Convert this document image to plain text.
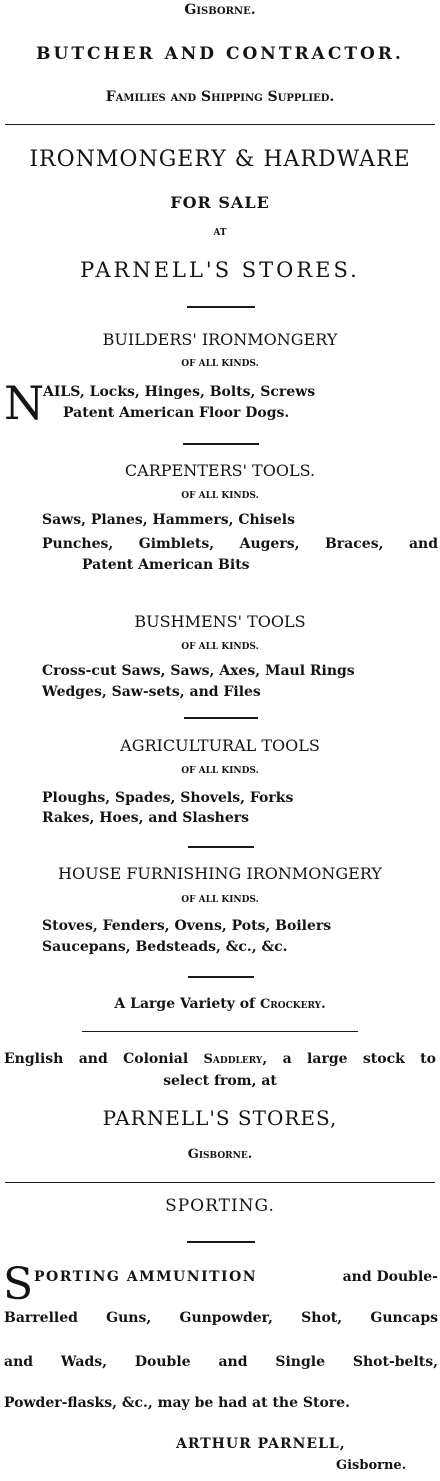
Gisborne.
BUTCHER AND CONTRACTOR.
Families and Shipping Supplied.
IRONMONGERY & HARDWARE
FOR SALE
AT
PARNELL'S STORES.
BUILDERS' IRONMONGERY
OF ALL KINDS.
N
AILS, Locks, Hinges, Bolts, Screws
Patent American Floor Dogs.
CARPENTERS' TOOLS.
OF ALL KINDS.
Saws, Planes, Hammers, Chisels
Punches, Gimblets, Augers, Braces, and
Patent American Bits
BUSHMENS' TOOLS
OF ALL KINDS.
Cross-cut Saws, Saws, Axes, Maul Rings
Wedges, Saw-sets, and Files
AGRICULTURAL TOOLS
OF ALL KINDS.
Ploughs, Spades, Shovels, Forks
Rakes, Hoes, and Slashers
HOUSE FURNISHING IRONMONGERY
OF ALL KINDS.
Stoves, Fenders, Ovens, Pots, Boilers
Saucepans, Bedsteads, &c., &c.
A Large Variety of Crockery.
English and Colonial Saddlery, a large stock to
select from, at
PARNELL'S STORES,
Gisborne.
SPORTING.
S PORTING AMMUNITION	and Double-
Barrelled Guns, Gunpowder, Shot, Guncaps
and Wads, Double and Single Shot-belts,
Powder-flasks, &c., may be had at the Store.
ARTHUR PARNELL,
Gisborne.
